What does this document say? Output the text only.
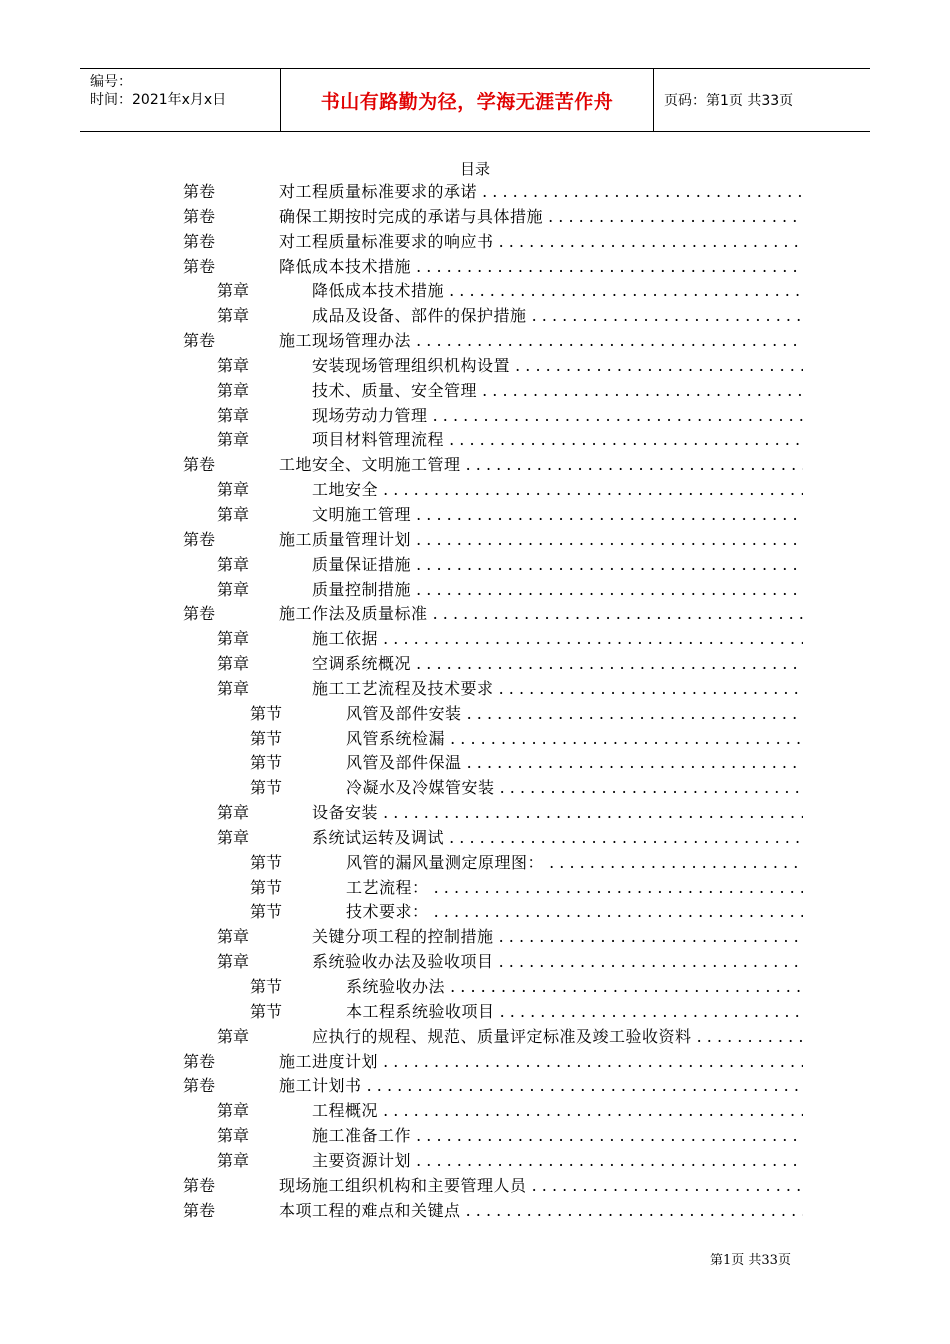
编号：
时间：2021年x月x日	书山有路勤为径，学海无涯苦作舟	页码：第1页 共33页
目录
第卷	对工程质量标准要求的承诺 . . .
第卷	确保工期按时完成的承诺与具体措施 . . .
第卷	对工程质量标准要求的响应书 . . .
第卷	降低成本技术措施 . . .
第章	降低成本技术措施 . . .
第章	成品及设备、部件的保护措施 . . .
第卷	施工现场管理办法 . . .
第章	安装现场管理组织机构设置 . . .
第章	技术、质量、安全管理 . . .
第章	现场劳动力管理 . . .
第章	项目材料管理流程 . . .
第卷	工地安全、文明施工管理 . . .
第章	工地安全 . . .
第章	文明施工管理 . . .
第卷	施工质量管理计划 . . .
第章	质量保证措施 . . .
第章	质量控制措施 . . .
第卷	施工作法及质量标准 . . .
第章	施工依据 . . .
第章	空调系统概况 . . .
第章	施工工艺流程及技术要求 . . .
第节	风管及部件安装 . . .
第节	风管系统检漏 . . .
第节	风管及部件保温 . . .
第节	冷凝水及冷媒管安装 . . .
第章	设备安装 . . .
第章	系统试运转及调试 . . .
第节	风管的漏风量测定原理图： . . .
第节	工艺流程： . . .
第节	技术要求： . . .
第章	关键分项工程的控制措施 . . .
第章	系统验收办法及验收项目 . . .
第节	系统验收办法 . . .
第节	本工程系统验收项目 . . .
第章	应执行的规程、规范、质量评定标准及竣工验收资料 . . .
第卷	施工进度计划 . . .
第卷	施工计划书 . . .
第章	工程概况 . . .
第章	施工准备工作 . . .
第章	主要资源计划 . . .
第卷	现场施工组织机构和主要管理人员 . . .
第卷	本项工程的难点和关键点 . . .
第1页 共33页
